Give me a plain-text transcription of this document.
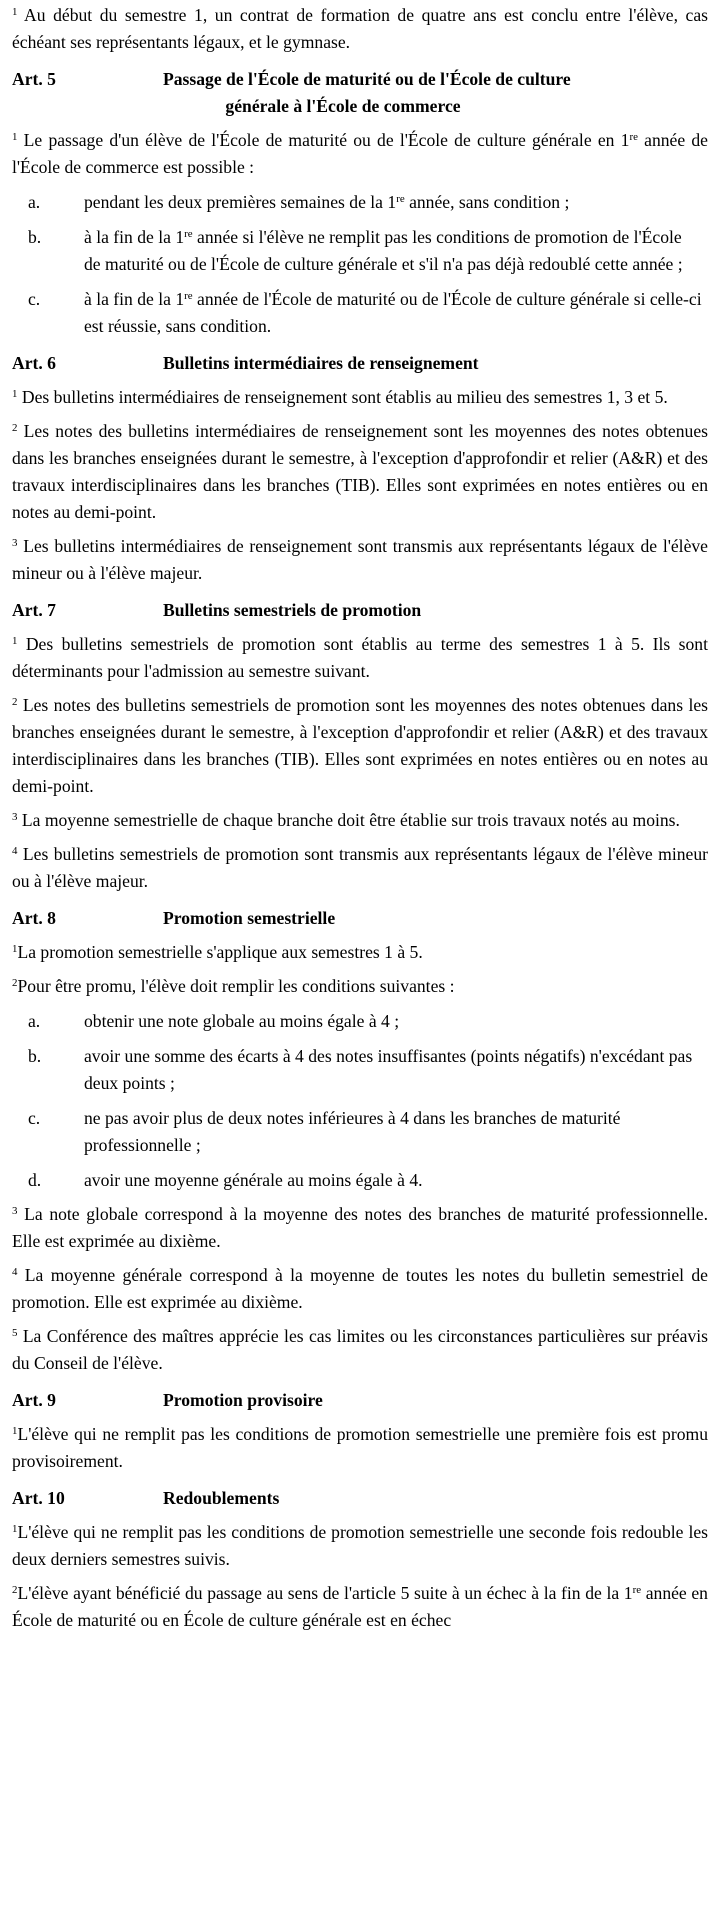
$^1$ Au début du semestre 1, un contrat de formation de quatre ans est conclu entre l'élève, cas échéant ses représentants légaux, et le gymnase.

Art. 5	Passage de l'École de maturité ou de l'École de culture
générale à l'École de commerce

$^1$ Le passage d'un élève de l'École de maturité ou de l'École de culture générale en 1re année de l'École de commerce est possible :

a.	pendant les deux premières semaines de la 1re année, sans condition ;
b.	à la fin de la 1re année si l'élève ne remplit pas les conditions de promotion de l'École de maturité ou de l'École de culture générale et s'il n'a pas déjà redoublé cette année ;
c.	à la fin de la 1re année de l'École de maturité ou de l'École de culture générale si celle-ci est réussie, sans condition.
Art. 6	Bulletins intermédiaires de renseignement

$^1$ Des bulletins intermédiaires de renseignement sont établis au milieu des semestres 1, 3 et 5.

$^2$ Les notes des bulletins intermédiaires de renseignement sont les moyennes des notes obtenues dans les branches enseignées durant le semestre, à l'exception d'approfondir et relier (A&R) et des travaux interdisciplinaires dans les branches (TIB). Elles sont exprimées en notes entières ou en notes au demi-point.

$^3$ Les bulletins intermédiaires de renseignement sont transmis aux représentants légaux de l'élève mineur ou à l'élève majeur.

Art. 7	Bulletins semestriels de promotion

$^1$ Des bulletins semestriels de promotion sont établis au terme des semestres 1 à 5. Ils sont déterminants pour l'admission au semestre suivant.

$^2$ Les notes des bulletins semestriels de promotion sont les moyennes des notes obtenues dans les branches enseignées durant le semestre, à l'exception d'approfondir et relier (A&R) et des travaux interdisciplinaires dans les branches (TIB). Elles sont exprimées en notes entières ou en notes au demi-point.

$^3$ La moyenne semestrielle de chaque branche doit être établie sur trois travaux notés au moins.

$^4$ Les bulletins semestriels de promotion sont transmis aux représentants légaux de l'élève mineur ou à l'élève majeur.

Art. 8	Promotion semestrielle

$^1$La promotion semestrielle s'applique aux semestres 1 à 5.

$^2$Pour être promu, l'élève doit remplir les conditions suivantes :

a.	obtenir une note globale au moins égale à 4 ;
b.	avoir une somme des écarts à 4 des notes insuffisantes (points négatifs) n'excédant pas deux points ;
c.	ne pas avoir plus de deux notes inférieures à 4 dans les branches de maturité professionnelle ;
d.	avoir une moyenne générale au moins égale à 4.

$^3$ La note globale correspond à la moyenne des notes des branches de maturité professionnelle. Elle est exprimée au dixième.

$^4$ La moyenne générale correspond à la moyenne de toutes les notes du bulletin semestriel de promotion. Elle est exprimée au dixième.

$^5$ La Conférence des maîtres apprécie les cas limites ou les circonstances particulières sur préavis du Conseil de l'élève.

Art. 9	Promotion provisoire

$^1$L'élève qui ne remplit pas les conditions de promotion semestrielle une première fois est promu provisoirement.

Art. 10	Redoublements

$^1$L'élève qui ne remplit pas les conditions de promotion semestrielle une seconde fois redouble les deux derniers semestres suivis.

$^2$L'élève ayant bénéficié du passage au sens de l'article 5 suite à un échec à la fin de la 1re année en École de maturité ou en École de culture générale est en échec
